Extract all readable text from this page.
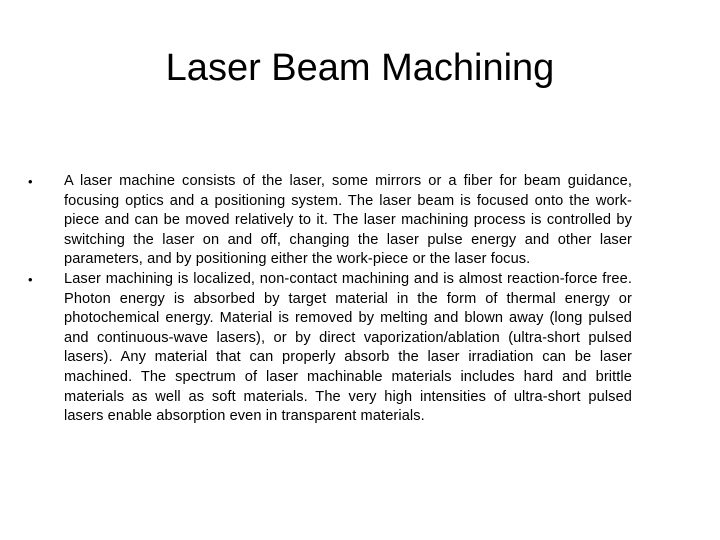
Laser Beam Machining
• A laser machine consists of the laser, some mirrors or a fiber for beam guidance, focusing optics and a positioning system. The laser beam is focused onto the work-piece and can be moved relatively to it. The laser machining process is controlled by switching the laser on and off, changing the laser pulse energy and other laser parameters, and by positioning either the work-piece or the laser focus.
• Laser machining is localized, non-contact machining and is almost reaction-force free. Photon energy is absorbed by target material in the form of thermal energy or photochemical energy. Material is removed by melting and blown away (long pulsed and continuous-wave lasers), or by direct vaporization/ablation (ultra-short pulsed lasers). Any material that can properly absorb the laser irradiation can be laser machined. The spectrum of laser machinable materials includes hard and brittle materials as well as soft materials. The very high intensities of ultra-short pulsed lasers enable absorption even in transparent materials.
